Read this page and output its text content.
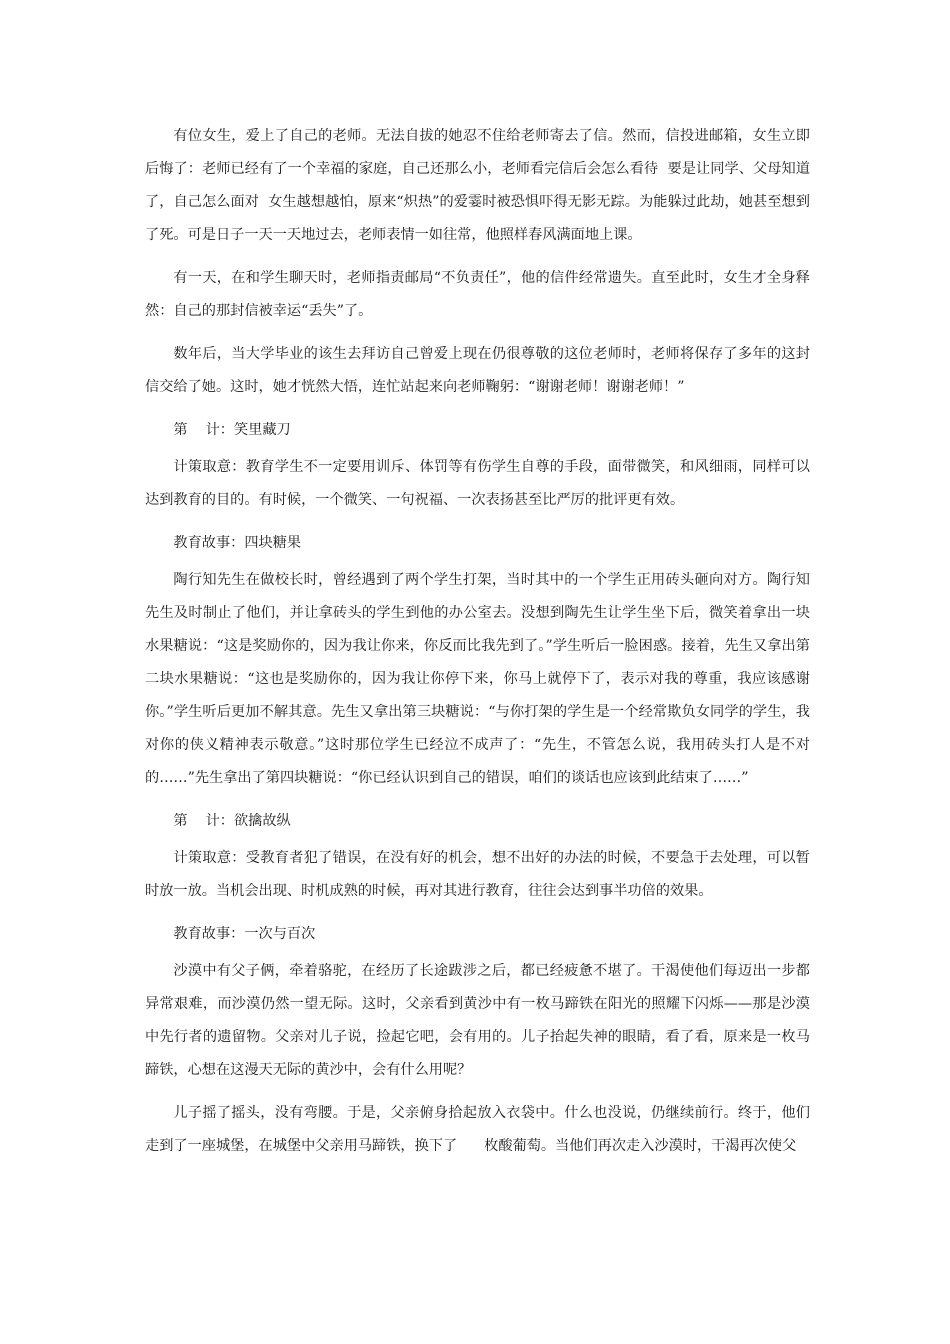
有位女生，爱上了自己的老师。无法自拔的她忍不住给老师寄去了信。然而，信投进邮箱，女生立即后悔了：老师已经有了一个幸福的家庭，自己还那么小，老师看完信后会怎么看待  要是让同学、父母知道了，自己怎么面对  女生越想越怕，原来“炽热”的爱霎时被恐惧吓得无影无踪。为能躲过此劫，她甚至想到了死。可是日子一天一天地过去，老师表情一如往常，他照样春风满面地上课。

有一天，在和学生聊天时，老师指责邮局“不负责任”，他的信件经常遗失。直至此时，女生才全身释然：自己的那封信被幸运“丢失”了。

数年后，当大学毕业的该生去拜访自己曾爱上现在仍很尊敬的这位老师时，老师将保存了多年的这封信交给了她。这时，她才恍然大悟，连忙站起来向老师鞠躬：“谢谢老师！谢谢老师！”

第    计：笑里藏刀

计策取意：教育学生不一定要用训斥、体罚等有伤学生自尊的手段，面带微笑，和风细雨，同样可以达到教育的目的。有时候，一个微笑、一句祝福、一次表扬甚至比严厉的批评更有效。

教育故事：四块糖果

陶行知先生在做校长时，曾经遇到了两个学生打架，当时其中的一个学生正用砖头砸向对方。陶行知先生及时制止了他们，并让拿砖头的学生到他的办公室去。没想到陶先生让学生坐下后，微笑着拿出一块水果糖说：“这是奖励你的，因为我让你来，你反而比我先到了。”学生听后一脸困惑。接着，先生又拿出第二块水果糖说：“这也是奖励你的，因为我让你停下来，你马上就停下了，表示对我的尊重，我应该感谢你。”学生听后更加不解其意。先生又拿出第三块糖说：“与你打架的学生是一个经常欺负女同学的学生，我对你的侠义精神表示敬意。”这时那位学生已经泣不成声了：“先生，不管怎么说，我用砖头打人是不对的……”先生拿出了第四块糖说：“你已经认识到自己的错误，咱们的谈话也应该到此结束了……”

第    计：欲擒故纵

计策取意：受教育者犯了错误，在没有好的机会，想不出好的办法的时候，不要急于去处理，可以暂时放一放。当机会出现、时机成熟的时候，再对其进行教育，往往会达到事半功倍的效果。

教育故事：一次与百次

沙漠中有父子俩，牵着骆驼，在经历了长途跋涉之后，都已经疲惫不堪了。干渴使他们每迈出一步都异常艰难，而沙漠仍然一望无际。这时，父亲看到黄沙中有一枚马蹄铁在阳光的照耀下闪烁——那是沙漠中先行者的遗留物。父亲对儿子说，捡起它吧，会有用的。儿子抬起失神的眼睛，看了看，原来是一枚马蹄铁，心想在这漫天无际的黄沙中，会有什么用呢？

儿子摇了摇头，没有弯腰。于是，父亲俯身拾起放入衣袋中。什么也没说，仍继续前行。终于，他们走到了一座城堡，在城堡中父亲用马蹄铁，换下了      枚酸葡萄。当他们再次走入沙漠时，干渴再次使父
